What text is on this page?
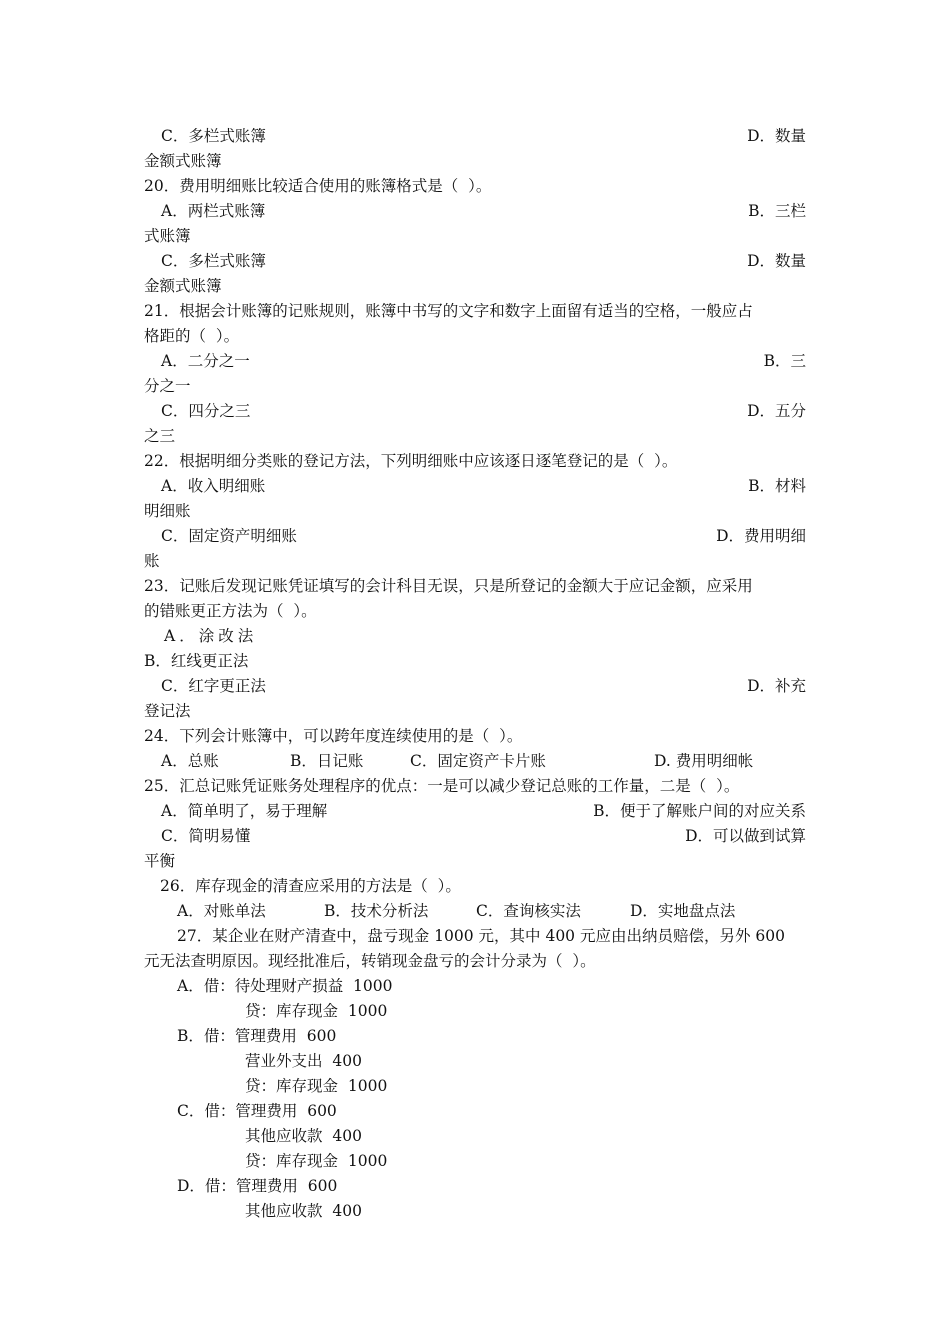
C．多栏式账簿	D．数量
金额式账簿
20．费用明细账比较适合使用的账簿格式是（  ）。
A．两栏式账簿	B．三栏
式账簿
C．多栏式账簿	D．数量
金额式账簿
21．根据会计账簿的记账规则，账簿中书写的文字和数字上面留有适当的空格，一般应占
格距的（  ）。
A．二分之一	B．三
分之一
C．四分之三	D．五分
之三
22．根据明细分类账的登记方法，下列明细账中应该逐日逐笔登记的是（  ）。
A．收入明细账	B．材料
明细账
C．固定资产明细账	D．费用明细
账
23．记账后发现记账凭证填写的会计科目无误，只是所登记的金额大于应记金额，应采用
的错账更正方法为（  ）。
A．涂改法
B．红线更正法
C．红字更正法	D．补充
登记法
24．下列会计账簿中，可以跨年度连续使用的是（  ）。
A．总账	B．日记账	C．固定资产卡片账	D. 费用明细帐
25．汇总记账凭证账务处理程序的优点：一是可以减少登记总账的工作量，二是（  ）。
A．简单明了，易于理解	B．便于了解账户间的对应关系
C．简明易懂	D．可以做到试算
平衡
26．库存现金的清查应采用的方法是（  ）。
A．对账单法	B．技术分析法	C．查询核实法	D．实地盘点法
27．某企业在财产清查中，盘亏现金 1000 元，其中 400 元应由出纳员赔偿，另外 600
元无法查明原因。现经批准后，转销现金盘亏的会计分录为（  ）。
A．借：待处理财产损益  1000
贷：库存现金  1000
B．借：管理费用  600
营业外支出  400
贷：库存现金  1000
C．借：管理费用  600
其他应收款  400
贷：库存现金  1000
D．借：管理费用  600
其他应收款  400
